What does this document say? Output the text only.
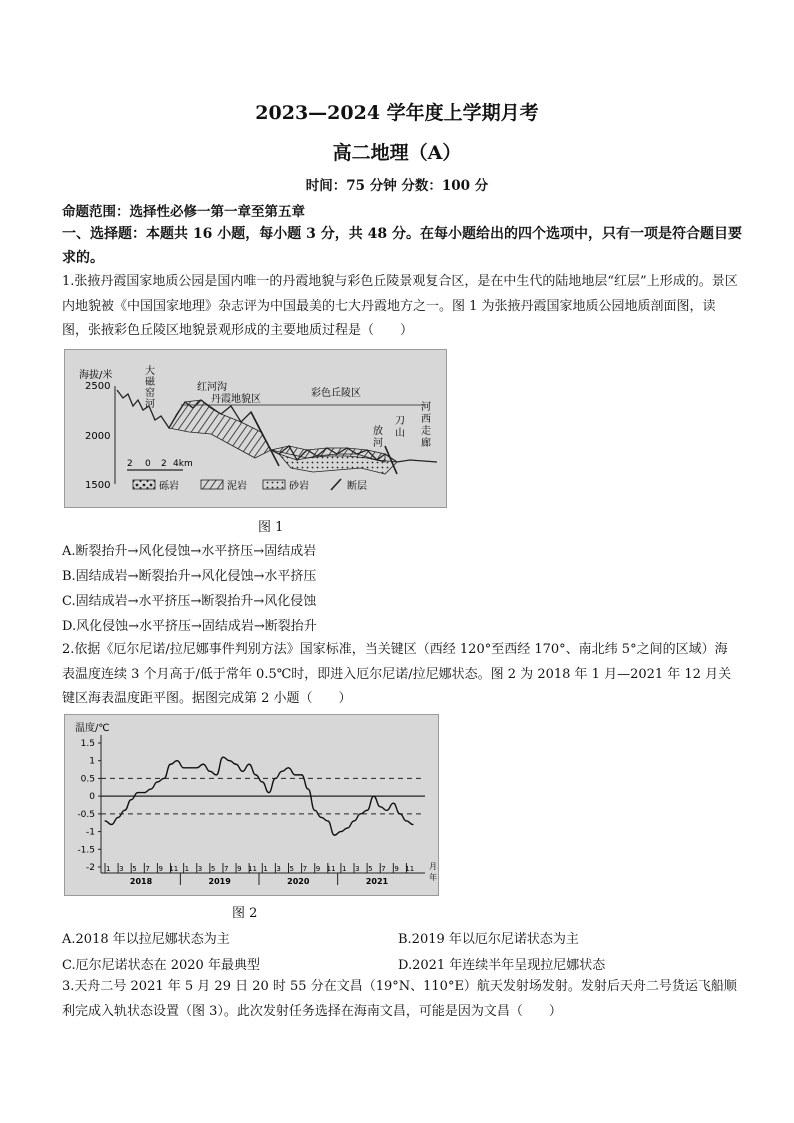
2023—2024 学年度上学期月考
高二地理（A）
时间：75 分钟 分数：100 分
命题范围：选择性必修一第一章至第五章
一、选择题：本题共 16 小题，每小题 3 分，共 48 分。在每小题给出的四个选项中，只有一项是符合题目要求的。
1.张掖丹霞国家地质公园是国内唯一的丹霞地貌与彩色丘陵景观复合区，是在中生代的陆地地层“红层”上形成的。景区内地貌被《中国国家地理》杂志评为中国最美的七大丹霞地方之一。图 1 为张掖丹霞国家地质公园地质剖面图，读图，张掖彩色丘陵区地貌景观形成的主要地质过程是（　　）
海拔/米
2500
2000
1500
大磁窑河
红河沟
丹霞地貌区
彩色丘陵区
放河
刀山
河西走廊
2 0 2 4km
砾岩	泥岩	砂岩	断层
图 1
A.断裂抬升→风化侵蚀→水平挤压→固结成岩
B.固结成岩→断裂抬升→风化侵蚀→水平挤压
C.固结成岩→水平挤压→断裂抬升→风化侵蚀
D.风化侵蚀→水平挤压→固结成岩→断裂抬升
2.依据《厄尔尼诺/拉尼娜事件判别方法》国家标准，当关键区（西经 120°至西经 170°、南北纬 5°之间的区域）海表温度连续 3 个月高于/低于常年 0.5℃时，即进入厄尔尼诺/拉尼娜状态。图 2 为 2018 年 1 月—2021 年 12 月关键区海表温度距平图。据图完成第 2 小题（　　）
温度/℃
1.5
1
0.5
0
-0.5
-1
-1.5
-2 1 3 5 7 9 11 1 3 5 7 9 11 1 3 5 7 9 11 1 3 5 7 9 11
2018	2019	2020	2021
月
年
图 2
A.2018 年以拉尼娜状态为主	B.2019 年以厄尔尼诺状态为主
C.厄尔尼诺状态在 2020 年最典型	D.2021 年连续半年呈现拉尼娜状态
3.天舟二号 2021 年 5 月 29 日 20 时 55 分在文昌（19°N、110°E）航天发射场发射。发射后天舟二号货运飞船顺利完成入轨状态设置（图 3）。此次发射任务选择在海南文昌，可能是因为文昌（　　）
